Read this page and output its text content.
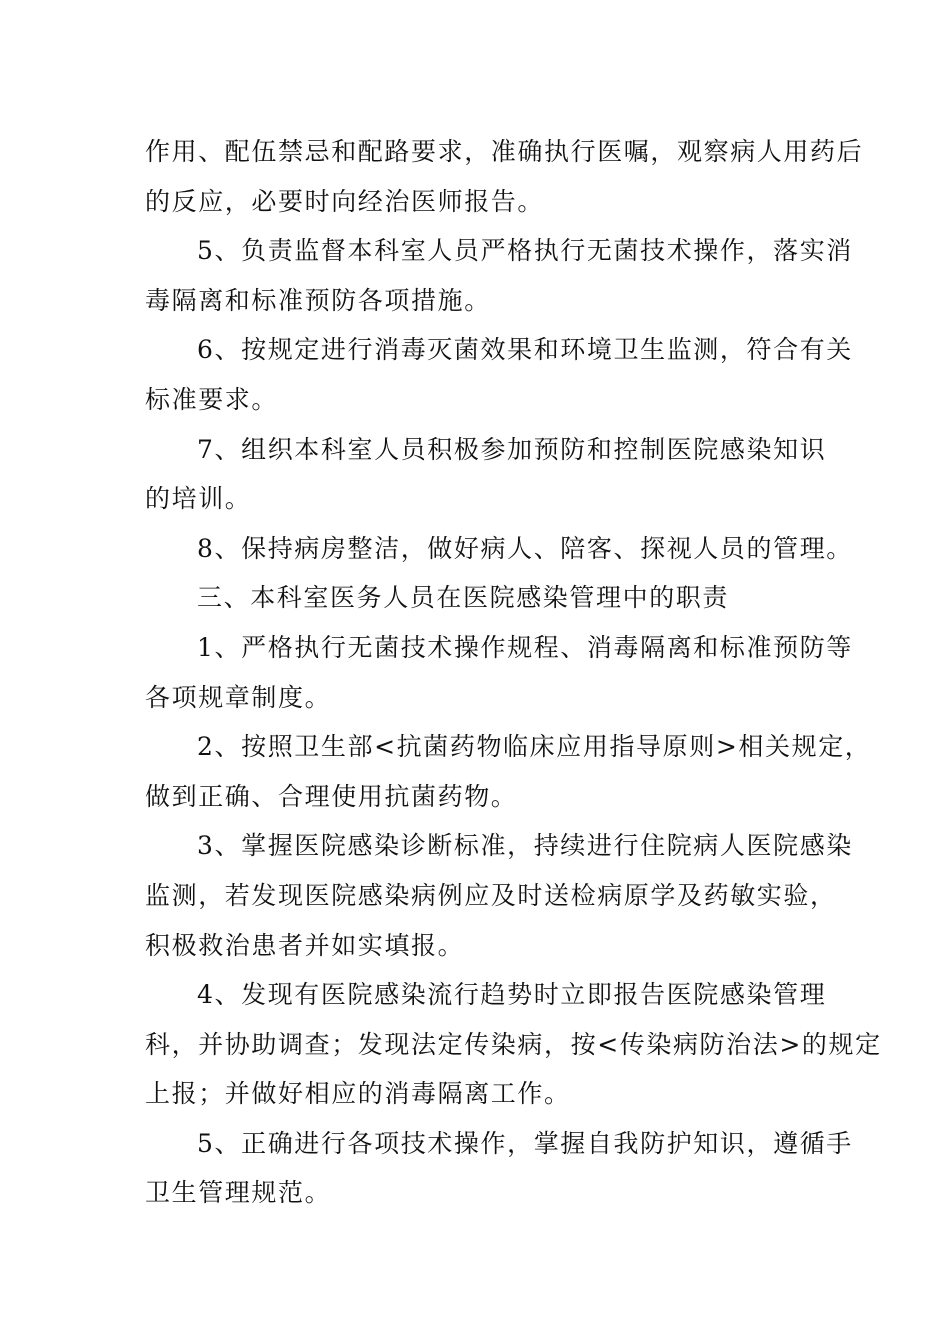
作用、配伍禁忌和配路要求，准确执行医嘱，观察病人用药后
的反应，必要时向经治医师报告。
5、负责监督本科室人员严格执行无菌技术操作，落实消
毒隔离和标准预防各项措施。
6、按规定进行消毒灭菌效果和环境卫生监测，符合有关
标准要求。
7、组织本科室人员积极参加预防和控制医院感染知识
的培训。
8、保持病房整洁，做好病人、陪客、探视人员的管理。
三、本科室医务人员在医院感染管理中的职责
1、严格执行无菌技术操作规程、消毒隔离和标准预防等
各项规章制度。
2、按照卫生部<抗菌药物临床应用指导原则>相关规定，
做到正确、合理使用抗菌药物。
3、掌握医院感染诊断标准，持续进行住院病人医院感染
监测，若发现医院感染病例应及时送检病原学及药敏实验，
积极救治患者并如实填报。
4、发现有医院感染流行趋势时立即报告医院感染管理
科，并协助调查；发现法定传染病，按<传染病防治法>的规定
上报；并做好相应的消毒隔离工作。
5、正确进行各项技术操作，掌握自我防护知识，遵循手
卫生管理规范。
